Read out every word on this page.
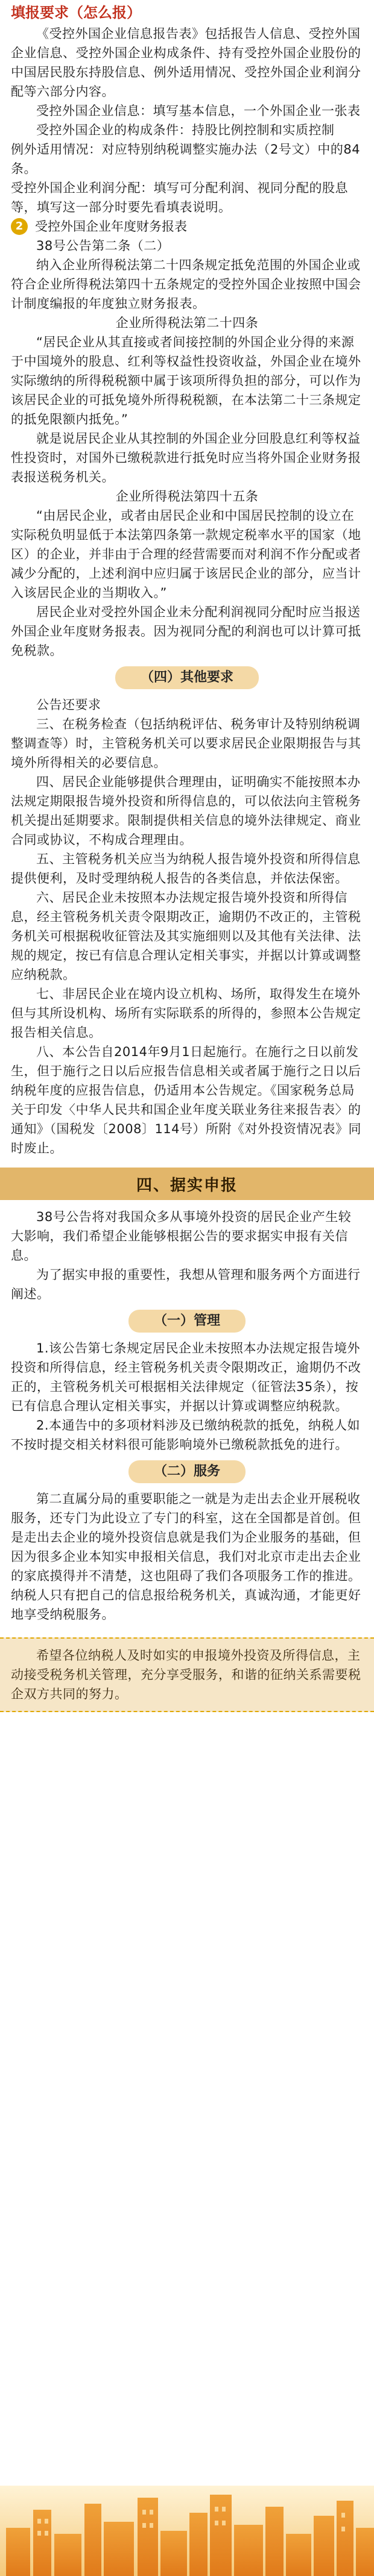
填报要求（怎么报）

《受控外国企业信息报告表》包括报告人信息、受控外国企业信息、受控外国企业构成条件、持有受控外国企业股份的中国居民股东持股信息、例外适用情况、受控外国企业利润分配等六部分内容。

受控外国企业信息：填写基本信息，一个外国企业一张表

受控外国企业的构成条件：持股比例控制和实质控制

例外适用情况：对应特别纳税调整实施办法（2号文）中的84条。

受控外国企业利润分配：填写可分配利润、视同分配的股息等，填写这一部分时要先看填表说明。

2 受控外国企业年度财务报表

38号公告第二条（二）

纳入企业所得税法第二十四条规定抵免范围的外国企业或符合企业所得税法第四十五条规定的受控外国企业按照中国会计制度编报的年度独立财务报表。

企业所得税法第二十四条

“居民企业从其直接或者间接控制的外国企业分得的来源于中国境外的股息、红利等权益性投资收益，外国企业在境外实际缴纳的所得税税额中属于该项所得负担的部分，可以作为该居民企业的可抵免境外所得税税额，在本法第二十三条规定的抵免限额内抵免。”

就是说居民企业从其控制的外国企业分回股息红利等权益性投资时，对国外已缴税款进行抵免时应当将外国企业财务报表报送税务机关。

企业所得税法第四十五条

“由居民企业，或者由居民企业和中国居民控制的设立在实际税负明显低于本法第四条第一款规定税率水平的国家（地区）的企业，并非由于合理的经营需要而对利润不作分配或者减少分配的，上述利润中应归属于该居民企业的部分，应当计入该居民企业的当期收入。”

居民企业对受控外国企业未分配利润视同分配时应当报送外国企业年度财务报表。因为视同分配的利润也可以计算可抵免税款。

（四）其他要求

公告还要求

三、在税务检查（包括纳税评估、税务审计及特别纳税调整调查等）时，主管税务机关可以要求居民企业限期报告与其境外所得相关的必要信息。

四、居民企业能够提供合理理由，证明确实不能按照本办法规定期限报告境外投资和所得信息的，可以依法向主管税务机关提出延期要求。限制提供相关信息的境外法律规定、商业合同或协议，不构成合理理由。

五、主管税务机关应当为纳税人报告境外投资和所得信息提供便利，及时受理纳税人报告的各类信息，并依法保密。

六、居民企业未按照本办法规定报告境外投资和所得信息，经主管税务机关责令限期改正，逾期仍不改正的，主管税务机关可根据税收征管法及其实施细则以及其他有关法律、法规的规定，按已有信息合理认定相关事实，并据以计算或调整应纳税款。

七、非居民企业在境内设立机构、场所，取得发生在境外但与其所设机构、场所有实际联系的所得的，参照本公告规定报告相关信息。

八、本公告自2014年9月1日起施行。在施行之日以前发生，但于施行之日以后应报告信息相关或者属于施行之日以后纳税年度的应报告信息，仍适用本公告规定。《国家税务总局关于印发〈中华人民共和国企业年度关联业务往来报告表〉的通知》（国税发〔2008〕114号）所附《对外投资情况表》同时废止。

四、据实申报

38号公告将对我国众多从事境外投资的居民企业产生较大影响，我们希望企业能够根据公告的要求据实申报有关信息。

为了据实申报的重要性，我想从管理和服务两个方面进行阐述。

（一）管理

1.该公告第七条规定居民企业未按照本办法规定报告境外投资和所得信息，经主管税务机关责令限期改正，逾期仍不改正的，主管税务机关可根据相关法律规定（征管法35条），按已有信息合理认定相关事实，并据以计算或调整应纳税款。

2.本通告中的多项材料涉及已缴纳税款的抵免，纳税人如不按时提交相关材料很可能影响境外已缴税款抵免的进行。

（二）服务

第二直属分局的重要职能之一就是为走出去企业开展税收服务，还专门为此设立了专门的科室，这在全国都是首创。但是走出去企业的境外投资信息就是我们为企业服务的基础，但因为很多企业本知实申报相关信息，我们对北京市走出去企业的家底摸得并不清楚，这也阻碍了我们各项服务工作的推进。纳税人只有把自己的信息报给税务机关，真诚沟通，才能更好地享受纳税服务。

希望各位纳税人及时如实的申报境外投资及所得信息，主动接受税务机关管理，充分享受服务，和谐的征纳关系需要税企双方共同的努力。
